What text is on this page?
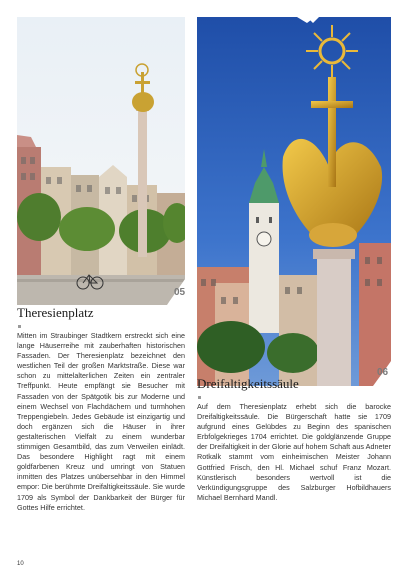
05
06
Theresienplatz

Mitten im Straubinger Stadtkern erstreckt sich eine lange Häuserreihe mit zauberhaften historischen Fassaden. Der Theresienplatz bezeichnet den westlichen Teil der großen Marktstraße. Diese war schon zu mittelalterlichen Zeiten ein zentraler Treffpunkt. Heute empfängt sie Besucher mit Fassaden von der Spätgotik bis zur Moderne und einem Wechsel von Flachdächern und turmhohen Treppengiebeln. Jedes Gebäude ist einzigartig und doch ergänzen sich die Häuser in ihrer gestalterischen Vielfalt zu einem wunderbar stimmigen Gesamtbild, das zum Verweilen einlädt. Das besondere Highlight ragt mit einem goldfarbenen Kreuz und umringt von Statuen inmitten des Platzes unübersehbar in den Himmel empor: Die berühmte Dreifaltigkeitssäule. Sie wurde 1709 als Symbol der Dankbarkeit der Bürger für Gottes Hilfe errichtet.

Dreifaltigkeitssäule

Auf dem Theresienplatz erhebt sich die barocke Dreifaltigkeitssäule. Die Bürgerschaft hatte sie 1709 aufgrund eines Gelübdes zu Beginn des spanischen Erbfolgekrieges 1704 errichtet. Die goldglänzende Gruppe der Dreifaltigkeit in der Glorie auf hohem Schaft aus Adneter Rotkalk stammt vom einheimischen Meister Johann Gottfried Frisch, den Hl. Michael schuf Franz Mozart. Künstlerisch besonders wertvoll ist die Verkündigungsgruppe des Salzburger Hofbildhauers Michael Bernhard Mandl.

10
